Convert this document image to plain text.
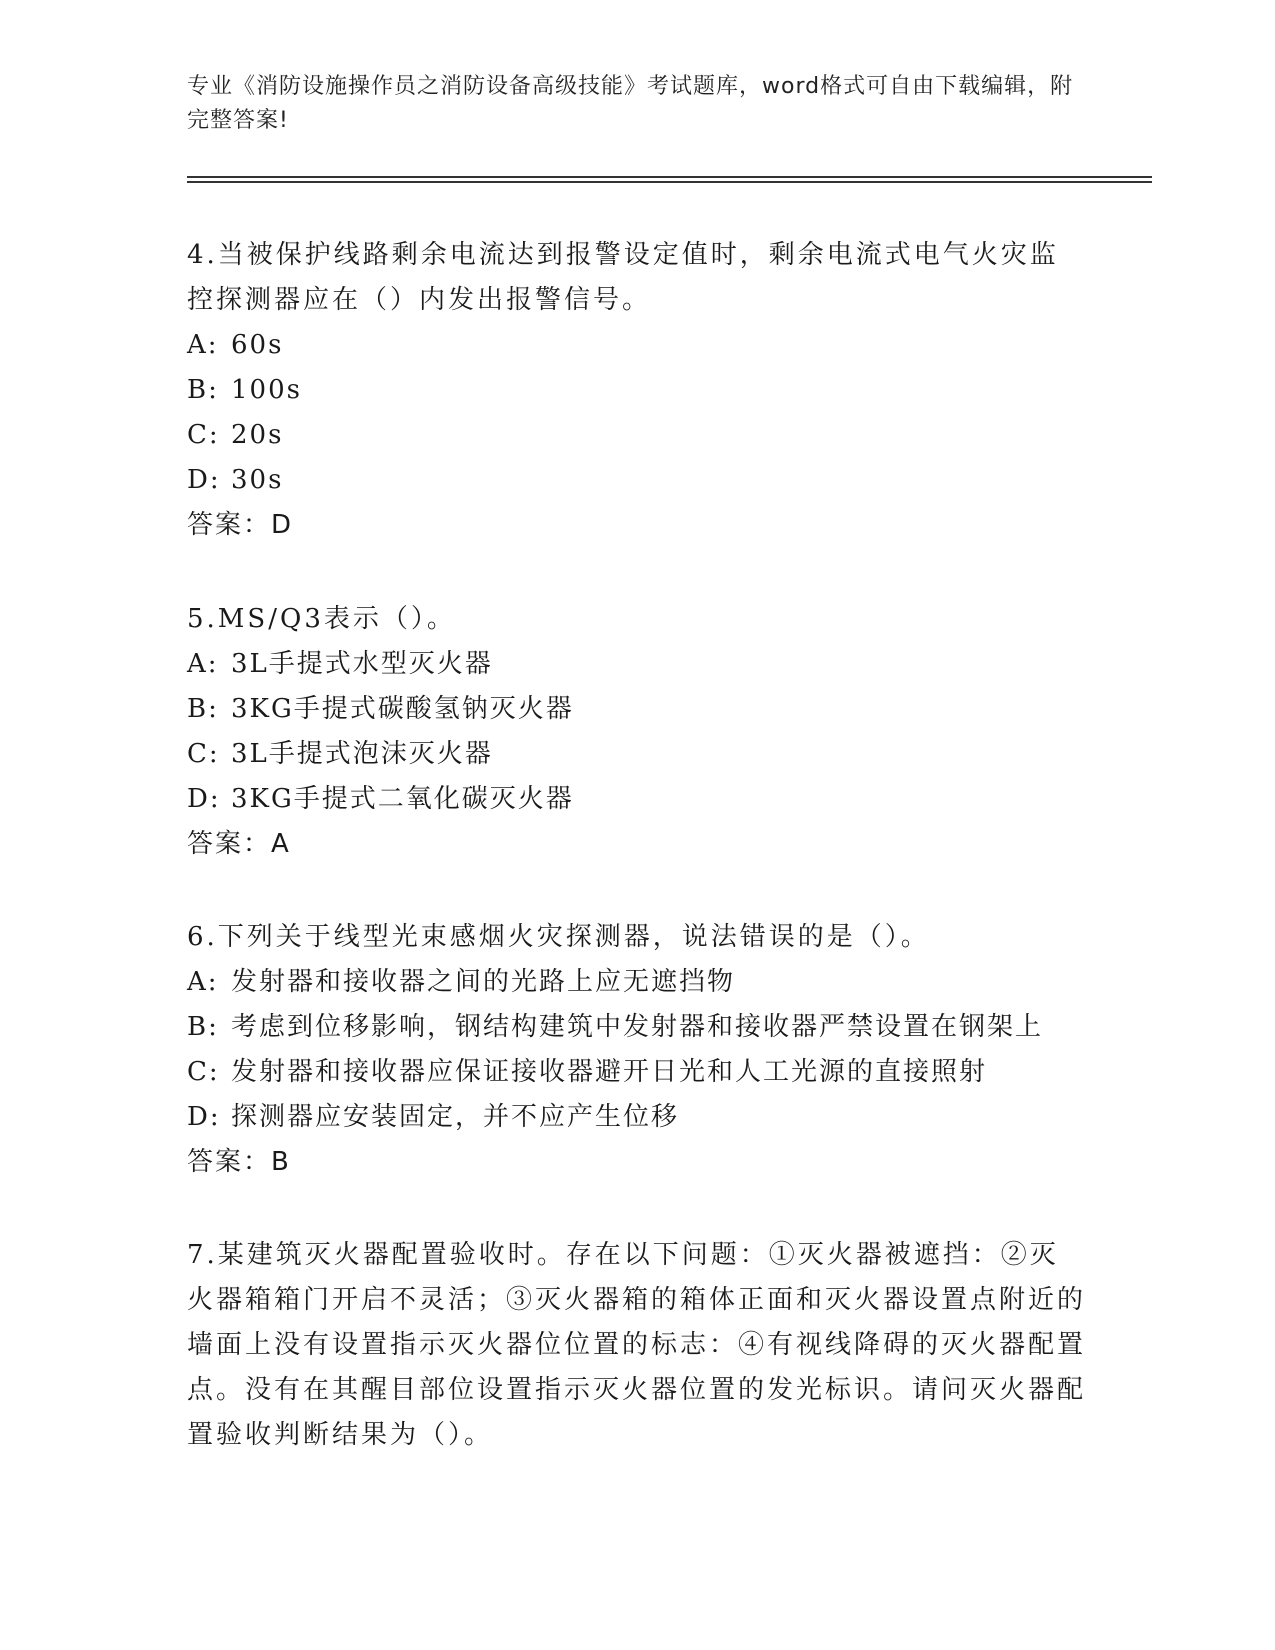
专业《消防设施操作员之消防设备高级技能》考试题库，word格式可自由下载编辑，附完整答案!

4.当被保护线路剩余电流达到报警设定值时，剩余电流式电气火灾监控探测器应在（）内发出报警信号。

A: 60s

B: 100s

C: 20s

D: 30s

答案：D

5.MS/Q3表示（）。

A: 3L手提式水型灭火器

B: 3KG手提式碳酸氢钠灭火器

C: 3L手提式泡沫灭火器

D: 3KG手提式二氧化碳灭火器

答案：A

6.下列关于线型光束感烟火灾探测器，说法错误的是（）。

A: 发射器和接收器之间的光路上应无遮挡物

B: 考虑到位移影响，钢结构建筑中发射器和接收器严禁设置在钢架上

C: 发射器和接收器应保证接收器避开日光和人工光源的直接照射

D: 探测器应安装固定，并不应产生位移

答案：B

7.某建筑灭火器配置验收时。存在以下问题：①灭火器被遮挡：②灭火器箱箱门开启不灵活；③灭火器箱的箱体正面和灭火器设置点附近的墙面上没有设置指示灭火器位位置的标志：④有视线降碍的灭火器配置点。没有在其醒目部位设置指示灭火器位置的发光标识。请问灭火器配置验收判断结果为（）。
